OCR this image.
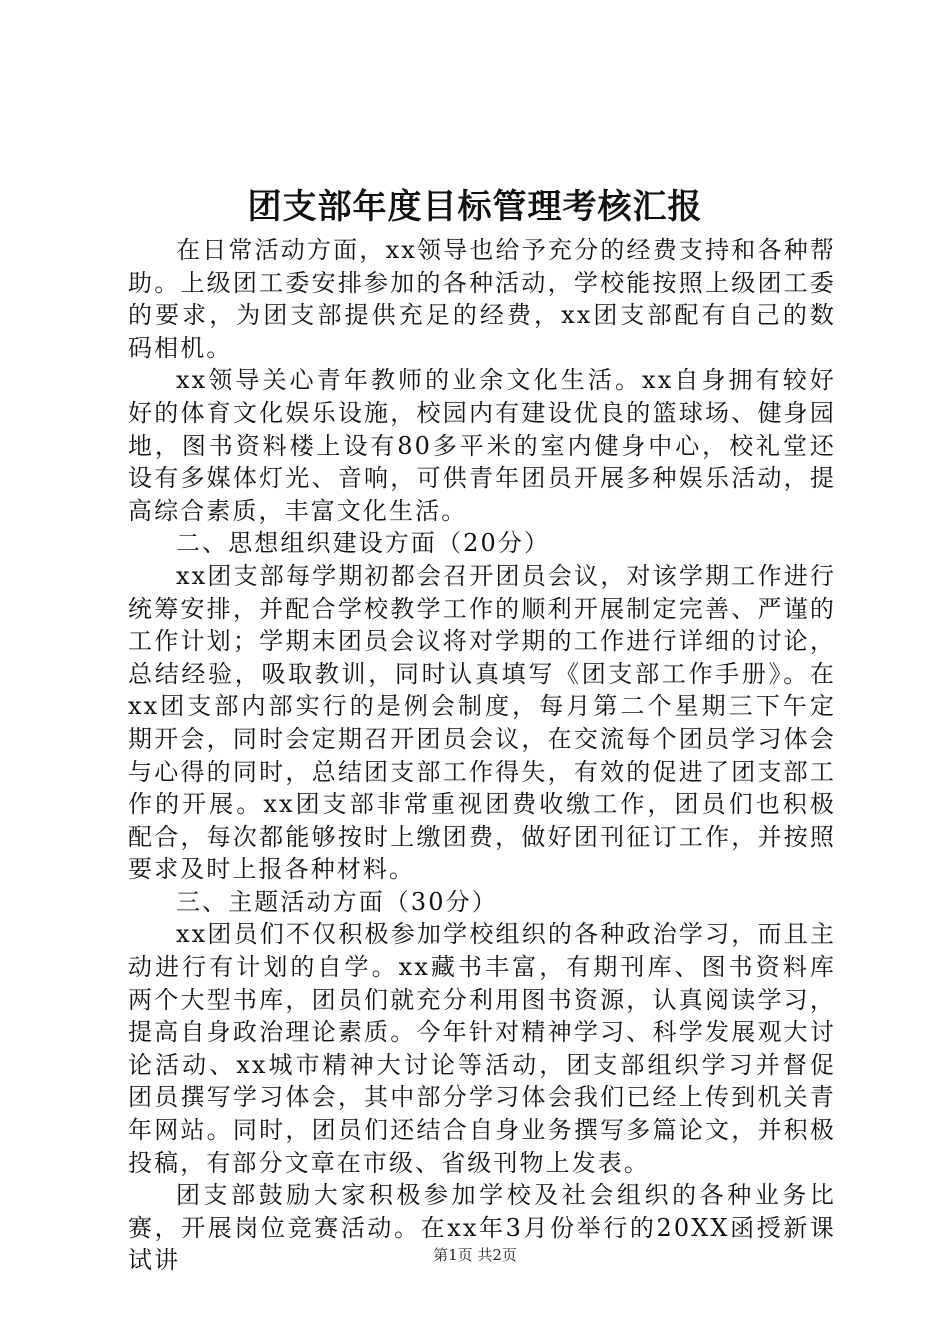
团支部年度目标管理考核汇报

在日常活动方面，xx领导也给予充分的经费支持和各种帮助。上级团工委安排参加的各种活动，学校能按照上级团工委的要求，为团支部提供充足的经费，xx团支部配有自己的数码相机。

xx领导关心青年教师的业余文化生活。xx自身拥有较好好的体育文化娱乐设施，校园内有建设优良的篮球场、健身园地，图书资料楼上设有80多平米的室内健身中心，校礼堂还设有多媒体灯光、音响，可供青年团员开展多种娱乐活动，提高综合素质，丰富文化生活。

二、思想组织建设方面（20分）

xx团支部每学期初都会召开团员会议，对该学期工作进行统筹安排，并配合学校教学工作的顺利开展制定完善、严谨的工作计划；学期末团员会议将对学期的工作进行详细的讨论，总结经验，吸取教训，同时认真填写《团支部工作手册》。在xx团支部内部实行的是例会制度，每月第二个星期三下午定期开会，同时会定期召开团员会议，在交流每个团员学习体会与心得的同时，总结团支部工作得失，有效的促进了团支部工作的开展。xx团支部非常重视团费收缴工作，团员们也积极配合，每次都能够按时上缴团费，做好团刊征订工作，并按照要求及时上报各种材料。

三、主题活动方面（30分）

xx团员们不仅积极参加学校组织的各种政治学习，而且主动进行有计划的自学。xx藏书丰富，有期刊库、图书资料库两个大型书库，团员们就充分利用图书资源，认真阅读学习，提高自身政治理论素质。今年针对精神学习、科学发展观大讨论活动、xx城市精神大讨论等活动，团支部组织学习并督促团员撰写学习体会，其中部分学习体会我们已经上传到机关青年网站。同时，团员们还结合自身业务撰写多篇论文，并积极投稿，有部分文章在市级、省级刊物上发表。

团支部鼓励大家积极参加学校及社会组织的各种业务比赛，开展岗位竞赛活动。在xx年3月份举行的20XX函授新课试讲	第1页 共2页
